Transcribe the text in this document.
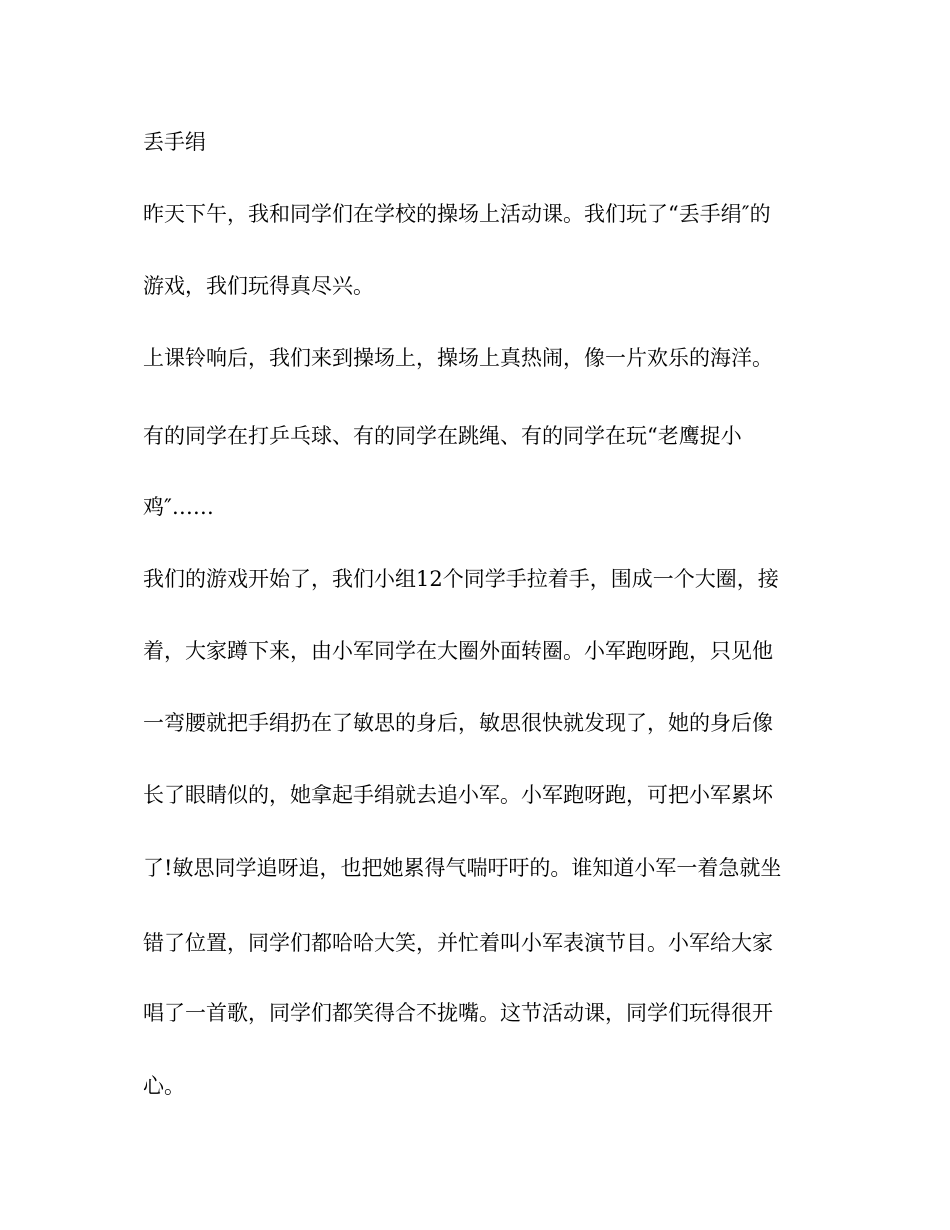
丢手绢
昨天下午，我和同学们在学校的操场上活动课。我们玩了“丢手绢″的
游戏，我们玩得真尽兴。
上课铃响后，我们来到操场上，操场上真热闹，像一片欢乐的海洋。
有的同学在打乒乓球、有的同学在跳绳、有的同学在玩“老鹰捉小
鸡″……
我们的游戏开始了，我们小组12个同学手拉着手，围成一个大圈，接
着，大家蹲下来，由小军同学在大圈外面转圈。小军跑呀跑，只见他
一弯腰就把手绢扔在了敏思的身后，敏思很快就发现了，她的身后像
长了眼睛似的，她拿起手绢就去追小军。小军跑呀跑，可把小军累坏
了!敏思同学追呀追，也把她累得气喘吁吁的。谁知道小军一着急就坐
错了位置，同学们都哈哈大笑，并忙着叫小军表演节目。小军给大家
唱了一首歌，同学们都笑得合不拢嘴。这节活动课，同学们玩得很开
心。
